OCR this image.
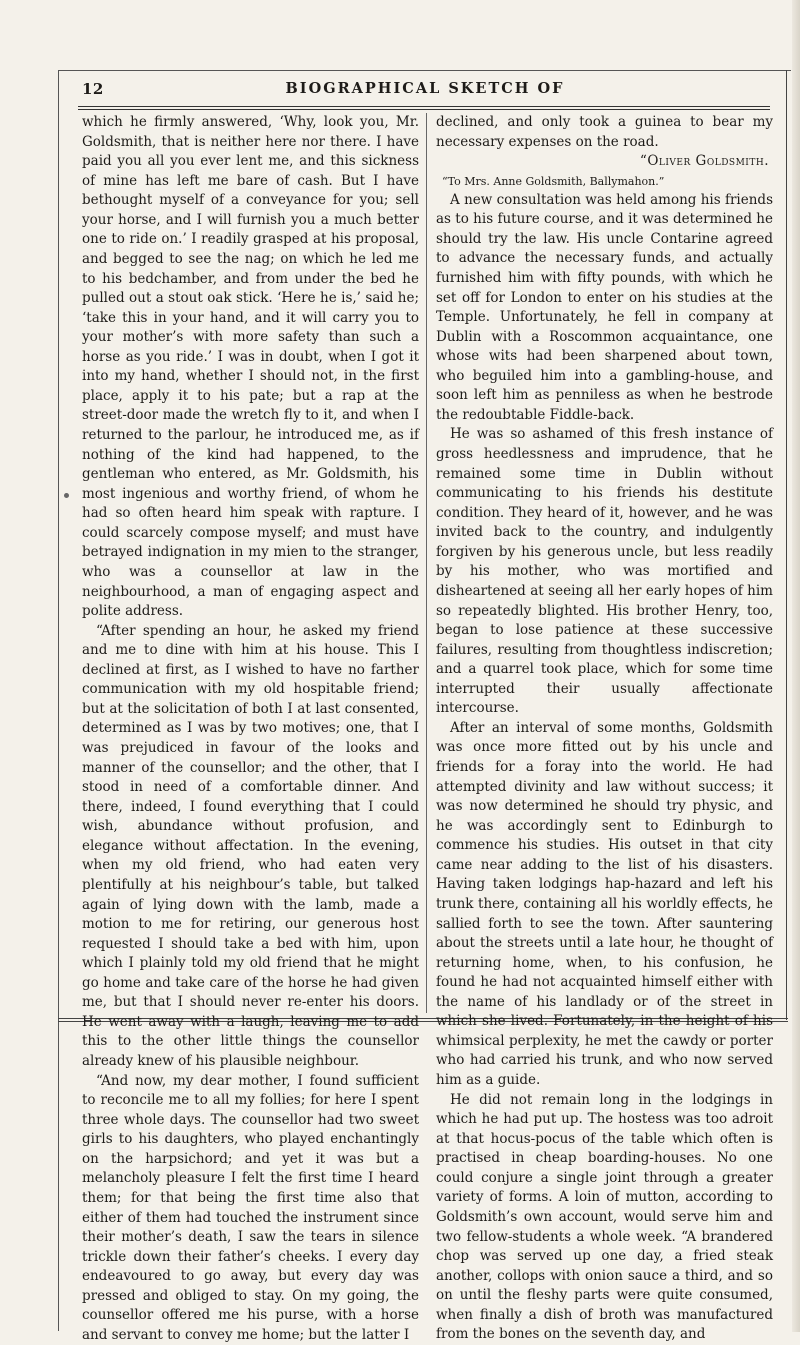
12	BIOGRAPHICAL SKETCH OF

which he firmly answered, ‘Why, look you, Mr. Goldsmith, that is neither here nor there. I have paid you all you ever lent me, and this sickness of mine has left me bare of cash. But I have bethought myself of a conveyance for you; sell your horse, and I will furnish you a much better one to ride on.’ I readily grasped at his proposal, and begged to see the nag; on which he led me to his bedchamber, and from under the bed he pulled out a stout oak stick. ‘Here he is,’ said he; ‘take this in your hand, and it will carry you to your mother’s with more safety than such a horse as you ride.’ I was in doubt, when I got it into my hand, whether I should not, in the first place, apply it to his pate; but a rap at the street-door made the wretch fly to it, and when I returned to the parlour, he introduced me, as if nothing of the kind had happened, to the gentleman who entered, as Mr. Goldsmith, his most ingenious and worthy friend, of whom he had so often heard him speak with rapture. I could scarcely compose myself; and must have betrayed indignation in my mien to the stranger, who was a counsellor at law in the neighbourhood, a man of engaging aspect and polite address.

“After spending an hour, he asked my friend and me to dine with him at his house. This I declined at first, as I wished to have no farther communication with my old hospitable friend; but at the solicitation of both I at last consented, determined as I was by two motives; one, that I was prejudiced in favour of the looks and manner of the counsellor; and the other, that I stood in need of a comfortable dinner. And there, indeed, I found everything that I could wish, abundance without profusion, and elegance without affectation. In the evening, when my old friend, who had eaten very plentifully at his neighbour’s table, but talked again of lying down with the lamb, made a motion to me for retiring, our generous host requested I should take a bed with him, upon which I plainly told my old friend that he might go home and take care of the horse he had given me, but that I should never re-enter his doors. He went away with a laugh, leaving me to add this to the other little things the counsellor already knew of his plausible neighbour.

“And now, my dear mother, I found sufficient to reconcile me to all my follies; for here I spent three whole days. The counsellor had two sweet girls to his daughters, who played enchantingly on the harpsichord; and yet it was but a melancholy pleasure I felt the first time I heard them; for that being the first time also that either of them had touched the instrument since their mother’s death, I saw the tears in silence trickle down their father’s cheeks. I every day endeavoured to go away, but every day was pressed and obliged to stay. On my going, the counsellor offered me his purse, with a horse and servant to convey me home; but the latter I

declined, and only took a guinea to bear my necessary expenses on the road.

“Oliver Goldsmith.

“To Mrs. Anne Goldsmith, Ballymahon.”

A new consultation was held among his friends as to his future course, and it was determined he should try the law. His uncle Contarine agreed to advance the necessary funds, and actually furnished him with fifty pounds, with which he set off for London to enter on his studies at the Temple. Unfortunately, he fell in company at Dublin with a Roscommon acquaintance, one whose wits had been sharpened about town, who beguiled him into a gambling-house, and soon left him as penniless as when he bestrode the redoubtable Fiddle-back.

He was so ashamed of this fresh instance of gross heedlessness and imprudence, that he remained some time in Dublin without communicating to his friends his destitute condition. They heard of it, however, and he was invited back to the country, and indulgently forgiven by his generous uncle, but less readily by his mother, who was mortified and disheartened at seeing all her early hopes of him so repeatedly blighted. His brother Henry, too, began to lose patience at these successive failures, resulting from thoughtless indiscretion; and a quarrel took place, which for some time interrupted their usually affectionate intercourse.

After an interval of some months, Goldsmith was once more fitted out by his uncle and friends for a foray into the world. He had attempted divinity and law without success; it was now determined he should try physic, and he was accordingly sent to Edinburgh to commence his studies. His outset in that city came near adding to the list of his disasters. Having taken lodgings hap-hazard and left his trunk there, containing all his worldly effects, he sallied forth to see the town. After sauntering about the streets until a late hour, he thought of returning home, when, to his confusion, he found he had not acquainted himself either with the name of his landlady or of the street in which she lived. Fortunately, in the height of his whimsical perplexity, he met the cawdy or porter who had carried his trunk, and who now served him as a guide.

He did not remain long in the lodgings in which he had put up. The hostess was too adroit at that hocus-pocus of the table which often is practised in cheap boarding-houses. No one could conjure a single joint through a greater variety of forms. A loin of mutton, according to Goldsmith’s own account, would serve him and two fellow-students a whole week. “A brandered chop was served up one day, a fried steak another, collops with onion sauce a third, and so on until the fleshy parts were quite consumed, when finally a dish of broth was manufactured from the bones on the seventh day, and
